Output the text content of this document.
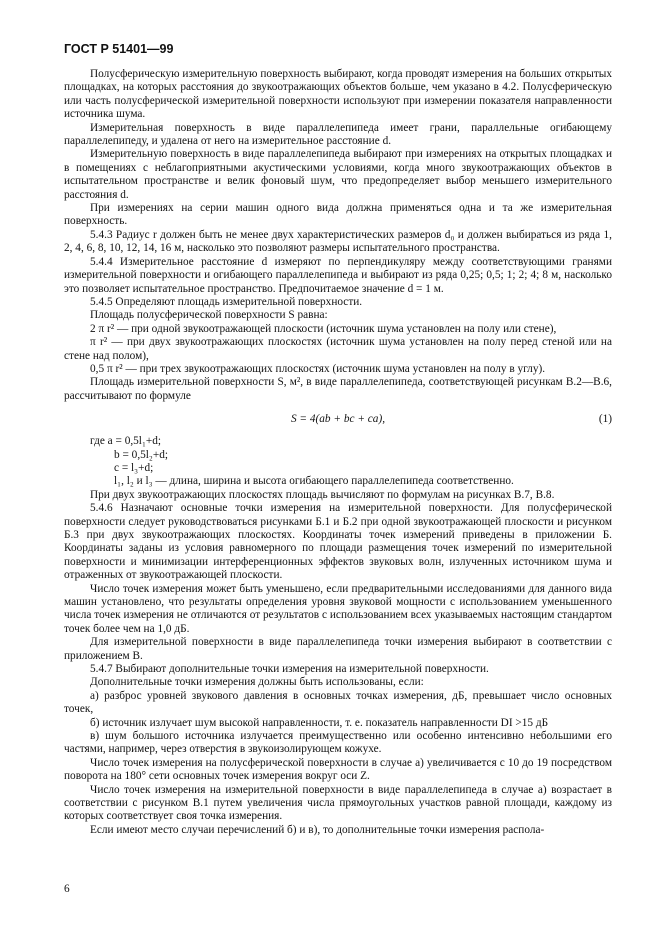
ГОСТ Р 51401—99

Полусферическую измерительную поверхность выбирают, когда проводят измерения на больших открытых площадках, на которых расстояния до звукоотражающих объектов больше, чем указано в 4.2. Полусферическую или часть полусферической измерительной поверхности используют при измерении показателя направленности источника шума.

Измерительная поверхность в виде параллелепипеда имеет грани, параллельные огибающему параллелепипеду, и удалена от него на измерительное расстояние d.

Измерительную поверхность в виде параллелепипеда выбирают при измерениях на открытых площадках и в помещениях с неблагоприятными акустическими условиями, когда много звукоотражающих объектов в испытательном пространстве и велик фоновый шум, что предопределяет выбор меньшего измерительного расстояния d.

При измерениях на серии машин одного вида должна применяться одна и та же измерительная поверхность.

5.4.3 Радиус r должен быть не менее двух характеристических размеров d₀ и должен выбираться из ряда 1, 2, 4, 6, 8, 10, 12, 14, 16 м, насколько это позволяют размеры испытательного пространства.

5.4.4 Измерительное расстояние d измеряют по перпендикуляру между соответствующими гранями измерительной поверхности и огибающего параллелепипеда и выбирают из ряда 0,25; 0,5; 1; 2; 4; 8 м, насколько это позволяет испытательное пространство. Предпочитаемое значение d = 1 м.

5.4.5 Определяют площадь измерительной поверхности.

Площадь полусферической поверхности S равна:

2 π r² — при одной звукоотражающей плоскости (источник шума установлен на полу или стене),

π r² — при двух звукоотражающих плоскостях (источник шума установлен на полу перед стеной или на стене над полом),

0,5 π r² — при трех звукоотражающих плоскостях (источник шума установлен на полу в углу).

Площадь измерительной поверхности S, м², в виде параллелепипеда, соответствующей рисункам В.2—В.6, рассчитывают по формуле

S = 4(ab + bc + ca),	(1)
где a = 0,5l₁+d;
b = 0,5l₂+d;
c = l₃+d;
l₁, l₂ и l₃ — длина, ширина и высота огибающего параллелепипеда соответственно.

При двух звукоотражающих плоскостях площадь вычисляют по формулам на рисунках В.7, В.8.

5.4.6 Назначают основные точки измерения на измерительной поверхности. Для полусферической поверхности следует руководствоваться рисунками Б.1 и Б.2 при одной звукоотражающей плоскости и рисунком Б.3 при двух звукоотражающих плоскостях. Координаты точек измерений приведены в приложении Б. Координаты заданы из условия равномерного по площади размещения точек измерений по измерительной поверхности и минимизации интерференционных эффектов звуковых волн, излученных источником шума и отраженных от звукоотражающей плоскости.

Число точек измерения может быть уменьшено, если предварительными исследованиями для данного вида машин установлено, что результаты определения уровня звуковой мощности с использованием уменьшенного числа точек измерения не отличаются от результатов с использованием всех указываемых настоящим стандартом точек более чем на 1,0 дБ.

Для измерительной поверхности в виде параллелепипеда точки измерения выбирают в соответствии с приложением В.

5.4.7 Выбирают дополнительные точки измерения на измерительной поверхности.

Дополнительные точки измерения должны быть использованы, если:

а) разброс уровней звукового давления в основных точках измерения, дБ, превышает число основных точек,

б) источник излучает шум высокой направленности, т. е. показатель направленности DI >15 дБ

в) шум большого источника излучается преимущественно или особенно интенсивно небольшими его частями, например, через отверстия в звукоизолирующем кожухе.

Число точек измерения на полусферической поверхности в случае а) увеличивается с 10 до 19 посредством поворота на 180° сети основных точек измерения вокруг оси Z.

Число точек измерения на измерительной поверхности в виде параллелепипеда в случае а) возрастает в соответствии с рисунком В.1 путем увеличения числа прямоугольных участков равной площади, каждому из которых соответствует своя точка измерения.

Если имеют место случаи перечислений б) и в), то дополнительные точки измерения распола-

6
